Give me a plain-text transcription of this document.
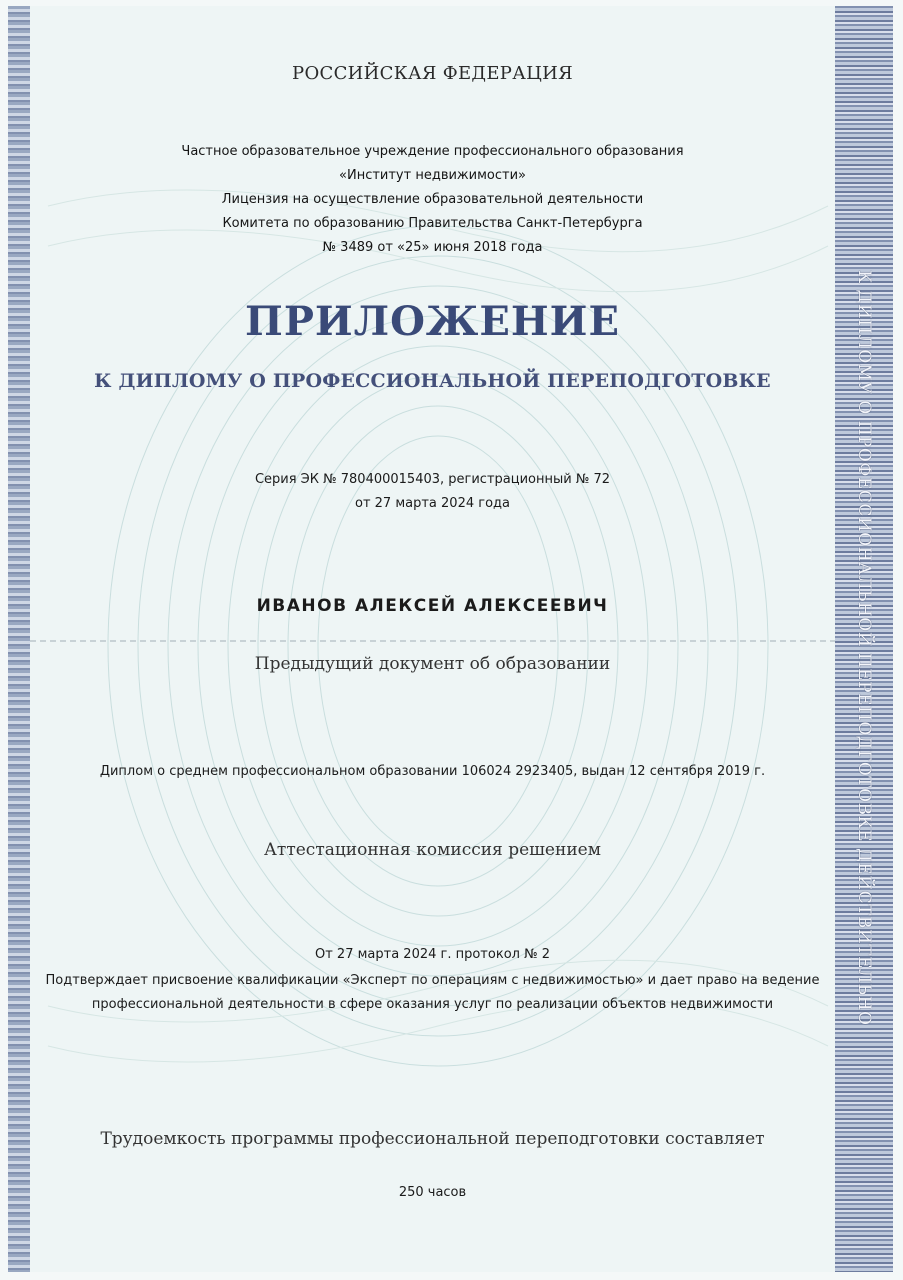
К ДИПЛОМУ О ПРОФЕССИОНАЛЬНОЙ ПЕРЕПОДГОТОВКЕ ДЕЙСТВИТЕЛЬНО
РОССИЙСКАЯ ФЕДЕРАЦИЯ
Частное образовательное учреждение профессионального образования
«Институт недвижимости»
Лицензия на осуществление образовательной деятельности
Комитета по образованию Правительства Санкт-Петербурга
№ 3489 от «25» июня 2018 года
ПРИЛОЖЕНИЕ
К ДИПЛОМУ О ПРОФЕССИОНАЛЬНОЙ ПЕРЕПОДГОТОВКЕ
Серия ЭК № 780400015403, регистрационный № 72
от 27 марта 2024 года
ИВАНОВ АЛЕКСЕЙ АЛЕКСЕЕВИЧ
Предыдущий документ об образовании
Диплом о среднем профессиональном образовании 106024 2923405, выдан 12 сентября 2019 г.
Аттестационная комиссия решением
От 27 марта 2024 г. протокол № 2
Подтверждает присвоение квалификации «Эксперт по операциям с недвижимостью» и дает право на ведение
профессиональной деятельности в сфере оказания услуг по реализации объектов недвижимости
Трудоемкость программы профессиональной переподготовки составляет
250 часов
